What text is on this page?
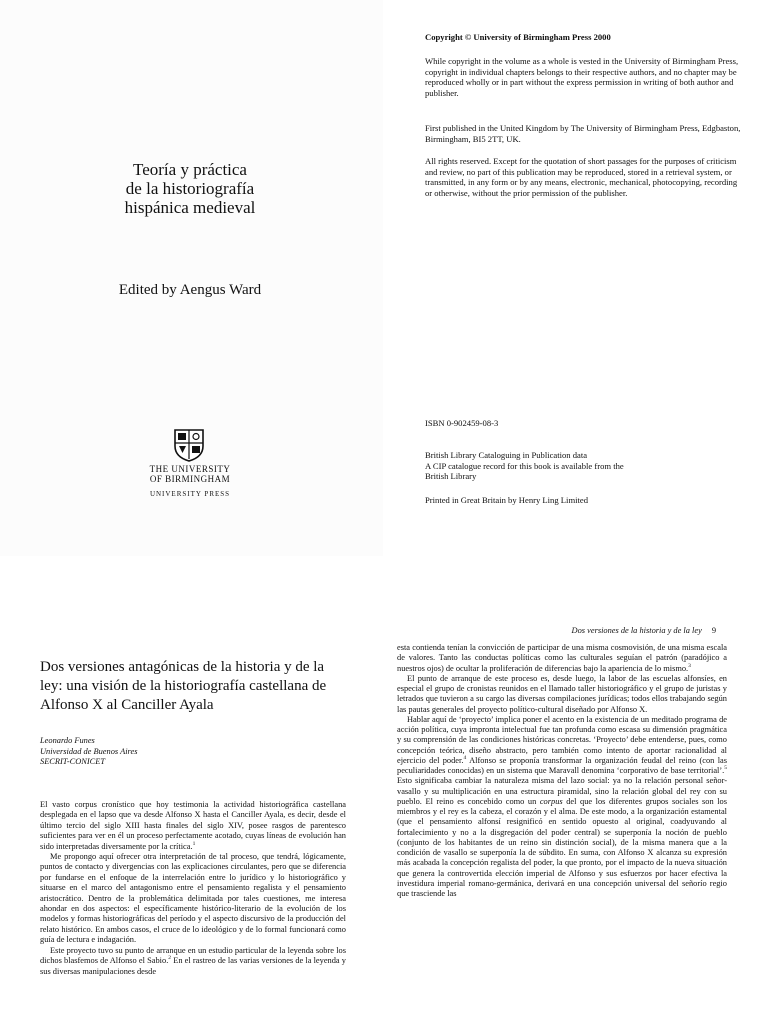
Teoría y práctica
de la historiografía
hispánica medieval
Edited by Aengus Ward
THE UNIVERSITY
OF BIRMINGHAM
UNIVERSITY PRESS

Copyright © University of Birmingham Press 2000

While copyright in the volume as a whole is vested in the University of Birmingham Press, copyright in individual chapters belongs to their respective authors, and no chapter may be reproduced wholly or in part without the express permission in writing of both author and publisher.

First published in the United Kingdom by The University of Birmingham Press, Edgbaston, Birmingham, BI5 2TT, UK.

All rights reserved. Except for the quotation of short passages for the purposes of criticism and review, no part of this publication may be reproduced, stored in a retrieval system, or transmitted, in any form or by any means, electronic, mechanical, photocopying, recording or otherwise, without the prior permission of the publisher.

ISBN 0-902459-08-3

British Library Cataloguing in Publication data
A CIP catalogue record for this book is available from the
British Library

Printed in Great Britain by Henry Ling Limited

Dos versiones antagónicas de la historia y de la ley: una visión de la historiografía castellana de Alfonso X al Canciller Ayala
Leonardo Funes
Universidad de Buenos Aires
SECRIT-CONICET

El vasto corpus cronístico que hoy testimonia la actividad historiográfica castellana desplegada en el lapso que va desde Alfonso X hasta el Canciller Ayala, es decir, desde el último tercio del siglo XIII hasta finales del siglo XIV, posee rasgos de parentesco suficientes para ver en él un proceso perfectamente acotado, cuyas líneas de evolución han sido interpretadas diversamente por la crítica.$^1$

Me propongo aquí ofrecer otra interpretación de tal proceso, que tendrá, lógicamente, puntos de contacto y divergencias con las explicaciones circulantes, pero que se diferencia por fundarse en el enfoque de la interrelación entre lo jurídico y lo historiográfico y situarse en el marco del antagonismo entre el pensamiento regalista y el pensamiento aristocrático. Dentro de la problemática delimitada por tales cuestiones, me interesa ahondar en dos aspectos: el específicamente histórico-literario de la evolución de los modelos y formas historiográficas del período y el aspecto discursivo de la producción del relato histórico. En ambos casos, el cruce de lo ideológico y de lo formal funcionará como guía de lectura e indagación.

Este proyecto tuvo su punto de arranque en un estudio particular de la leyenda sobre los dichos blasfemos de Alfonso el Sabio.$^2$ En el rastreo de las varias versiones de la leyenda y sus diversas manipulaciones desde

Dos versiones de la historia y de la ley 9

esta contienda tenían la convicción de participar de una misma cosmovisión, de una misma escala de valores. Tanto las conductas políticas como las culturales seguían el patrón (paradójico a nuestros ojos) de ocultar la proliferación de diferencias bajo la apariencia de lo mismo.$^3$

El punto de arranque de este proceso es, desde luego, la labor de las escuelas alfonsíes, en especial el grupo de cronistas reunidos en el llamado taller historiográfico y el grupo de juristas y letrados que tuvieron a su cargo las diversas compilaciones jurídicas; todos ellos trabajando según las pautas generales del proyecto político-cultural diseñado por Alfonso X.

Hablar aquí de ‘proyecto’ implica poner el acento en la existencia de un meditado programa de acción política, cuya impronta intelectual fue tan profunda como escasa su dimensión pragmática y su comprensión de las condiciones históricas concretas. ‘Proyecto’ debe entenderse, pues, como concepción teórica, diseño abstracto, pero también como intento de aportar racionalidad al ejercicio del poder.$^4$ Alfonso se proponía transformar la organización feudal del reino (con las peculiaridades conocidas) en un sistema que Maravall denomina ‘corporativo de base territorial’.$^5$ Esto significaba cambiar la naturaleza misma del lazo social: ya no la relación personal señor-vasallo y su multiplicación en una estructura piramidal, sino la relación global del rey con su pueblo. El reino es concebido como un corpus del que los diferentes grupos sociales son los miembros y el rey es la cabeza, el corazón y el alma. De este modo, a la organización estamental (que el pensamiento alfonsí resignificó en sentido opuesto al original, coadyuvando al fortalecimiento y no a la disgregación del poder central) se superponía la noción de pueblo (conjunto de los habitantes de un reino sin distinción social), de la misma manera que a la condición de vasallo se superponía la de súbdito. En suma, con Alfonso X alcanza su expresión más acabada la concepción regalista del poder, la que pronto, por el impacto de la nueva situación que genera la controvertida elección imperial de Alfonso y sus esfuerzos por hacer efectiva la investidura imperial romano-germánica, derivará en una concepción universal del señorío regio que trasciende las
